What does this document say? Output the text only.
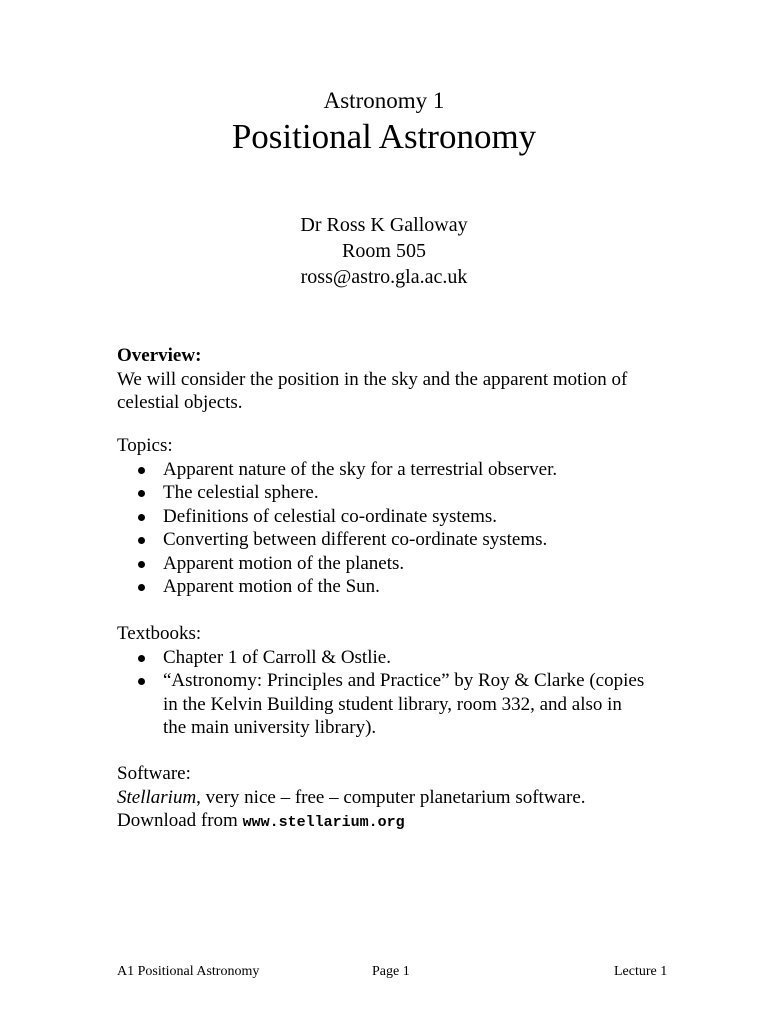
Astronomy 1
Positional Astronomy
Dr Ross K Galloway
Room 505
ross@astro.gla.ac.uk
Overview:
We will consider the position in the sky and the apparent motion of celestial objects.
Topics:
Apparent nature of the sky for a terrestrial observer.
The celestial sphere.
Definitions of celestial co-ordinate systems.
Converting between different co-ordinate systems.
Apparent motion of the planets.
Apparent motion of the Sun.
Textbooks:
Chapter 1 of Carroll & Ostlie.
“Astronomy: Principles and Practice” by Roy & Clarke (copies in the Kelvin Building student library, room 332, and also in the main university library).
Software:
Stellarium, very nice – free – computer planetarium software.
Download from www.stellarium.org
A1 Positional Astronomy	Page 1	Lecture 1
